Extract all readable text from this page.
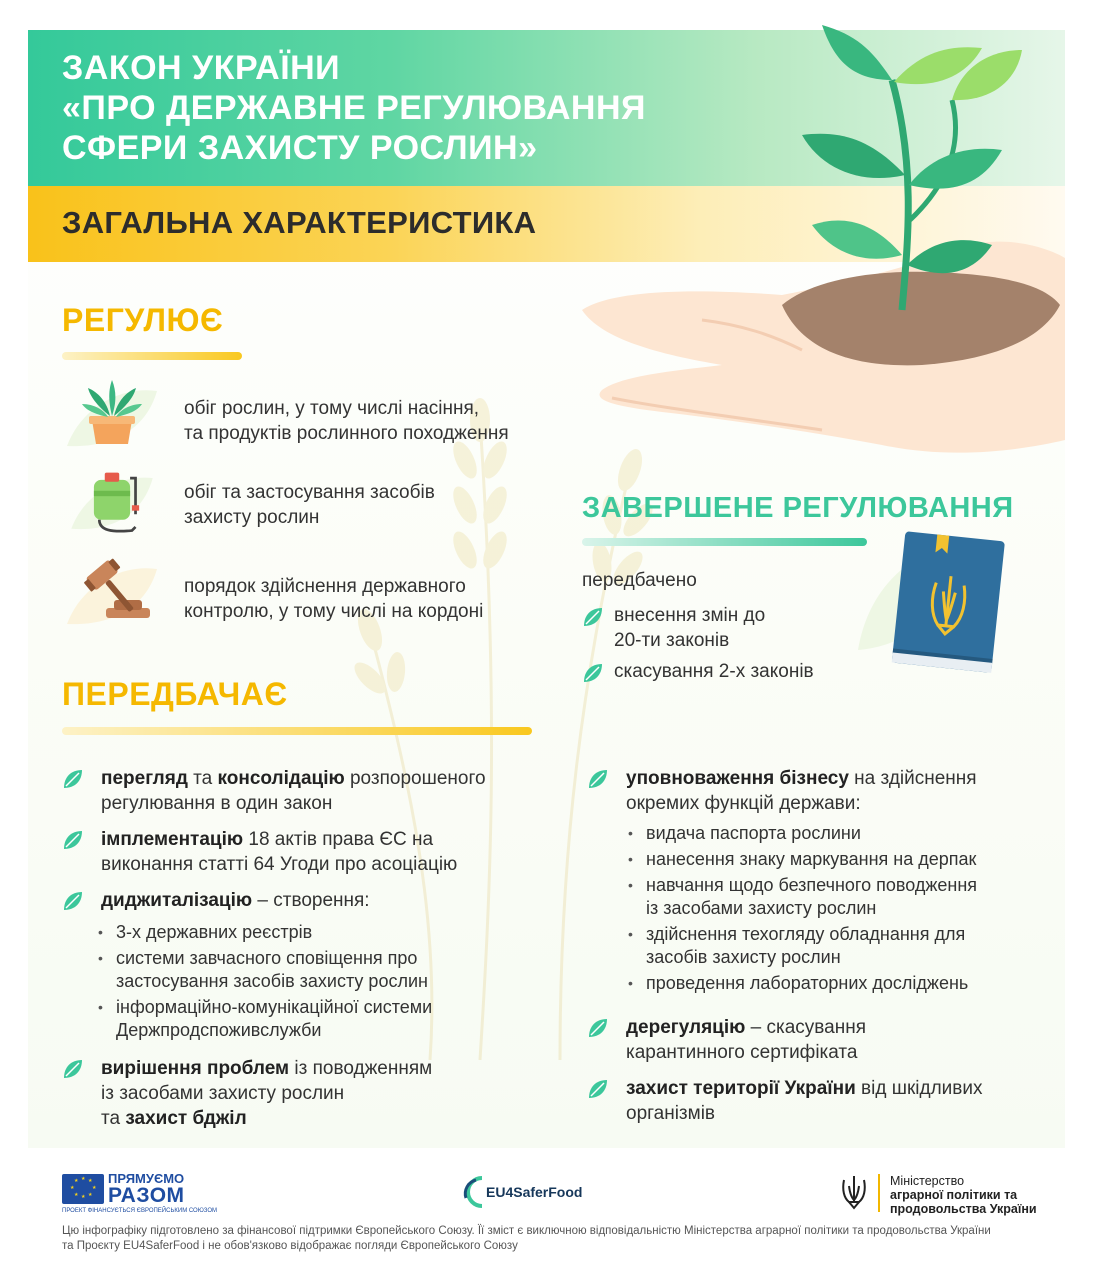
ЗАКОН УКРАЇНИ
«ПРО ДЕРЖАВНЕ РЕГУЛЮВАННЯ
СФЕРИ ЗАХИСТУ РОСЛИН»
ЗАГАЛЬНА ХАРАКТЕРИСТИКА
РЕГУЛЮЄ
обіг рослин, у тому числі насіння,
та продуктів рослинного походження
обіг та застосування засобів
захисту рослин
порядок здійснення державного
контролю, у тому числі на кордоні
ЗАВЕРШЕНЕ РЕГУЛЮВАННЯ
передбачено
внесення змін до
20-ти законів
скасування 2-х законів
ПЕРЕДБАЧАЄ
перегляд та консолідацію розпорошеного
регулювання в один закон
імплементацію 18 актів права ЄС на
виконання статті 64 Угоди про асоціацію
диджиталізацію – створення:
• 3-х державних реєстрів
• системи завчасного сповіщення про
застосування засобів захисту рослин
• інформаційно-комунікаційної системи
Держпродспоживслужби
вирішення проблем із поводженням
із засобами захисту рослин
та захист бджіл
уповноваження бізнесу на здійснення
окремих функцій держави:
• видача паспорта рослини
• нанесення знаку маркування на дерпак
• навчання щодо безпечного поводження
із засобами захисту рослин
• здійснення техогляду обладнання для
засобів захисту рослин
• проведення лабораторних досліджень
дерегуляцію – скасування
карантинного сертифіката
захист території України від шкідливих
організмів
★ ★
★
★
★
★
★
★ ПРЯМУЄМО
РАЗОМ
ПРОЕКТ ФІНАНСУЄТЬСЯ ЄВРОПЕЙСЬКИМ СОЮЗОМ
EU4SaferFood
Міністерство
аграрної політики та
продовольства України
Цю інфографіку підготовлено за фінансової підтримки Європейського Союзу. Її зміст є виключною відповідальністю Міністерства аграрної політики та продовольства України
та Проєкту EU4SaferFood і не обов'язково відображає погляди Європейського Союзу
